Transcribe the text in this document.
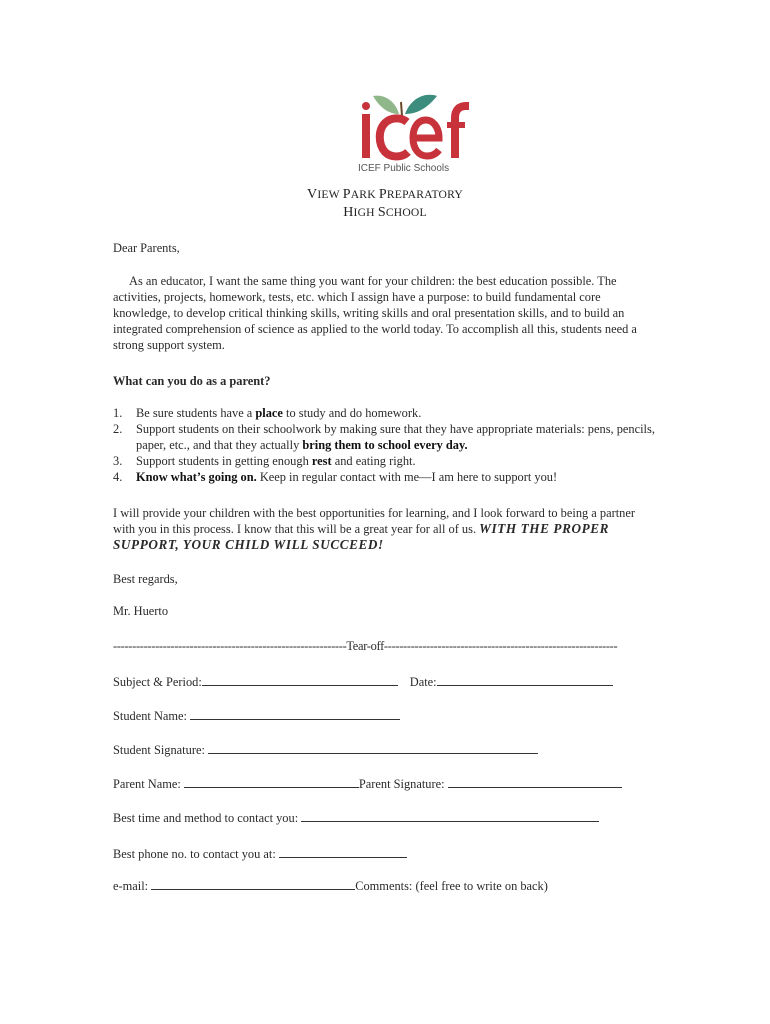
ICEF Public Schools
VIEW PARK PREPARATORY
HIGH SCHOOL
Dear Parents,
As an educator, I want the same thing you want for your children: the best education possible. The activities, projects, homework, tests, etc. which I assign have a purpose: to build fundamental core knowledge, to develop critical thinking skills, writing skills and oral presentation skills, and to build an integrated comprehension of science as applied to the world today. To accomplish all this, students need a strong support system.
What can you do as a parent?
1. Be sure students have a place to study and do homework.
2. Support students on their schoolwork by making sure that they have appropriate materials: pens, pencils, paper, etc., and that they actually bring them to school every day.
3. Support students in getting enough rest and eating right.
4. Know what’s going on. Keep in regular contact with me—I am here to support you!
I will provide your children with the best opportunities for learning, and I look forward to being a partner with you in this process. I know that this will be a great year for all of us. WITH THE PROPER SUPPORT, YOUR CHILD WILL SUCCEED!
Best regards,
Mr. Huerto
-------------------------------------------------------------Tear-off-------------------------------------------------------------
Subject & Period:	Date:
Student Name:
Student Signature:
Parent Name:	Parent Signature:
Best time and method to contact you:
Best phone no. to contact you at:
e-mail:	Comments: (feel free to write on back)
